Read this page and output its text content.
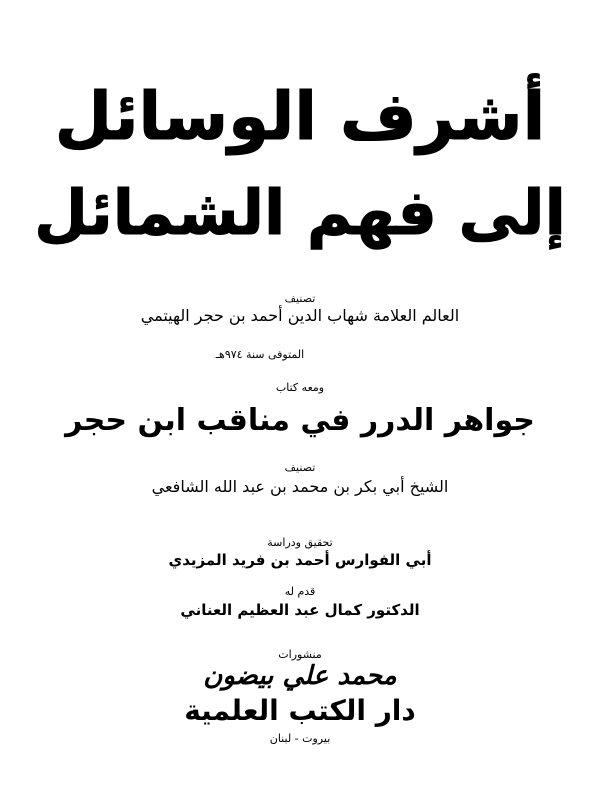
أشرف الوسائل
إلى فهم الشمائل
تصنيف
العالم العلامة شهاب الدين أحمد بن حجر الهيتمي
المتوفى سنة ٩٧٤هـ
ومعه كتاب
جواهر الدرر في مناقب ابن حجر
تصنيف
الشيخ أبي بكر بن محمد بن عبد الله الشافعي
تحقيق ودراسة
أبي الفوارس أحمد بن فريد المزيدي
قدم له
الدكتور كمال عبد العظيم العناني
منشورات
محمد علي بيضون
دار الكتب العلمية
بيروت - لبنان
